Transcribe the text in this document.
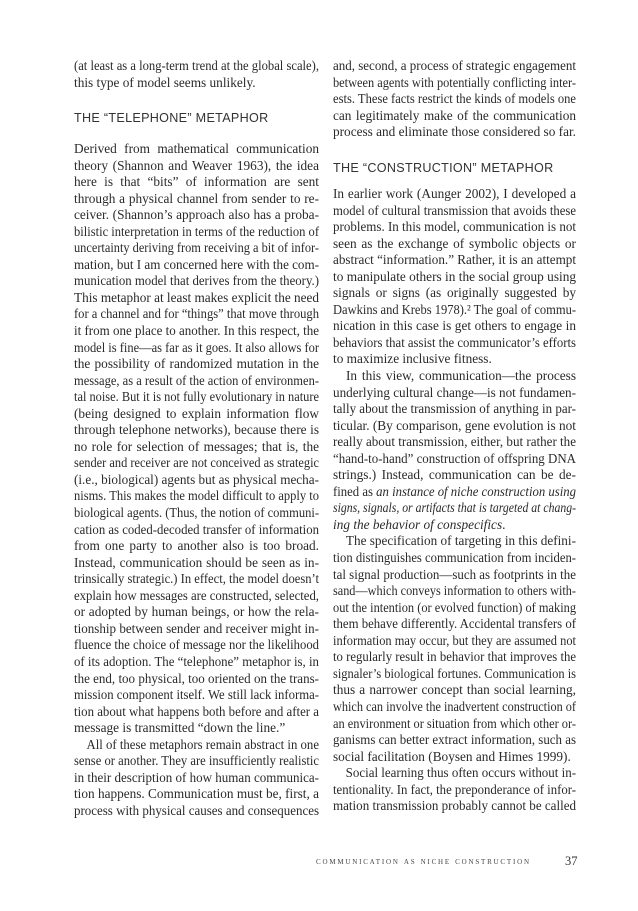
(at least as a long-term trend at the global scale),
this type of model seems unlikely.
THE “TELEPHONE” METAPHOR
Derived from mathematical communication
theory (Shannon and Weaver 1963), the idea
here is that “bits” of information are sent
through a physical channel from sender to re-
ceiver. (Shannon’s approach also has a proba-
bilistic interpretation in terms of the reduction of
uncertainty deriving from receiving a bit of infor-
mation, but I am concerned here with the com-
munication model that derives from the theory.)
This metaphor at least makes explicit the need
for a channel and for “things” that move through
it from one place to another. In this respect, the
model is fine—as far as it goes. It also allows for
the possibility of randomized mutation in the
message, as a result of the action of environmen-
tal noise. But it is not fully evolutionary in nature
(being designed to explain information flow
through telephone networks), because there is
no role for selection of messages; that is, the
sender and receiver are not conceived as strategic
(i.e., biological) agents but as physical mecha-
nisms. This makes the model difficult to apply to
biological agents. (Thus, the notion of communi-
cation as coded-decoded transfer of information
from one party to another also is too broad.
Instead, communication should be seen as in-
trinsically strategic.) In effect, the model doesn’t
explain how messages are constructed, selected,
or adopted by human beings, or how the rela-
tionship between sender and receiver might in-
fluence the choice of message nor the likelihood
of its adoption. The “telephone” metaphor is, in
the end, too physical, too oriented on the trans-
mission component itself. We still lack informa-
tion about what happens both before and after a
message is transmitted “down the line.”
All of these metaphors remain abstract in one
sense or another. They are insufficiently realistic
in their description of how human communica-
tion happens. Communication must be, first, a
process with physical causes and consequences
and, second, a process of strategic engagement
between agents with potentially conflicting inter-
ests. These facts restrict the kinds of models one
can legitimately make of the communication
process and eliminate those considered so far.
THE “CONSTRUCTION” METAPHOR
In earlier work (Aunger 2002), I developed a
model of cultural transmission that avoids these
problems. In this model, communication is not
seen as the exchange of symbolic objects or
abstract “information.” Rather, it is an attempt
to manipulate others in the social group using
signals or signs (as originally suggested by
Dawkins and Krebs 1978).² The goal of commu-
nication in this case is get others to engage in
behaviors that assist the communicator’s efforts
to maximize inclusive fitness.
In this view, communication—the process
underlying cultural change—is not fundamen-
tally about the transmission of anything in par-
ticular. (By comparison, gene evolution is not
really about transmission, either, but rather the
“hand-to-hand” construction of offspring DNA
strings.) Instead, communication can be de-
fined as an instance of niche construction using
signs, signals, or artifacts that is targeted at chang-
ing the behavior of conspecifics.
The specification of targeting in this defini-
tion distinguishes communication from inciden-
tal signal production—such as footprints in the
sand—which conveys information to others with-
out the intention (or evolved function) of making
them behave differently. Accidental transfers of
information may occur, but they are assumed not
to regularly result in behavior that improves the
signaler’s biological fortunes. Communication is
thus a narrower concept than social learning,
which can involve the inadvertent construction of
an environment or situation from which other or-
ganisms can better extract information, such as
social facilitation (Boysen and Himes 1999).
Social learning thus often occurs without in-
tentionality. In fact, the preponderance of infor-
mation transmission probably cannot be called
communication as niche construction	37
